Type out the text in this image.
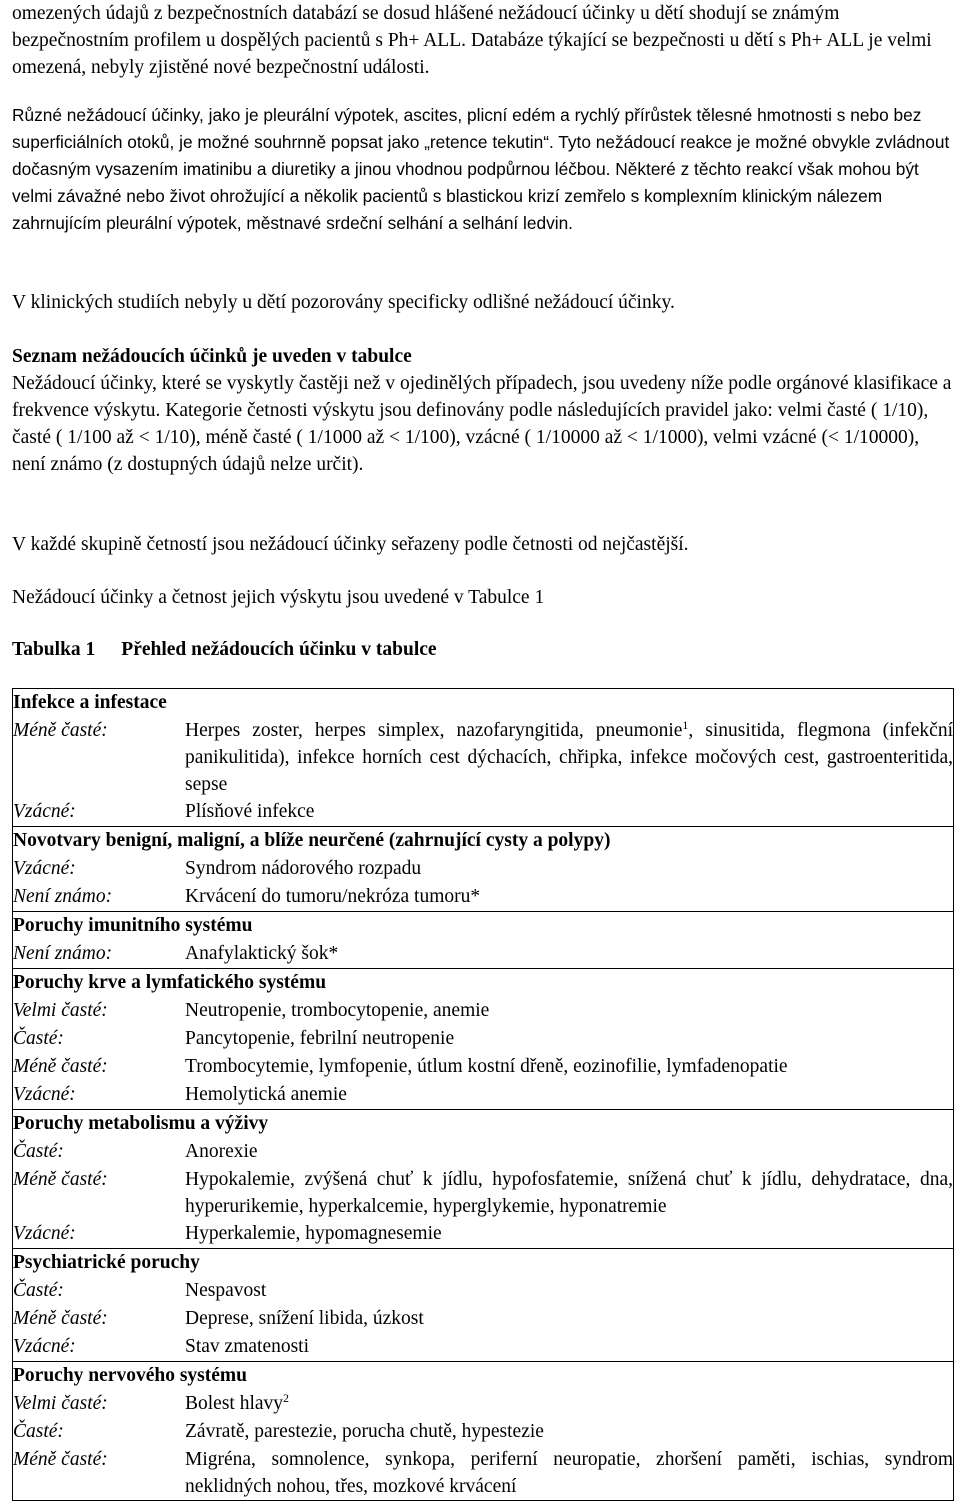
omezených údajů z bezpečnostních databází se dosud hlášené nežádoucí účinky u dětí shodují se známým bezpečnostním profilem u dospělých pacientů s Ph+ ALL. Databáze týkající se bezpečnosti u dětí s Ph+ ALL je velmi omezená, nebyly zjistěné nové bezpečnostní události.

Různé nežádoucí účinky, jako je pleurální výpotek, ascites, plicní edém a rychlý přírůstek tělesné hmotnosti s nebo bez superficiálních otoků, je možné souhrnně popsat jako „retence tekutin“. Tyto nežádoucí reakce je možné obvykle zvládnout dočasným vysazením imatinibu a diuretiky a jinou vhodnou podpůrnou léčbou. Některé z těchto reakcí však mohou být velmi závažné nebo život ohrožující a několik pacientů s blastickou krizí zemřelo s komplexním klinickým nálezem zahrnujícím pleurální výpotek, městnavé srdeční selhání a selhání ledvin.

V klinických studiích nebyly u dětí pozorovány specificky odlišné nežádoucí účinky.

Seznam nežádoucích účinků je uveden v tabulce

Nežádoucí účinky, které se vyskytly častěji než v ojedinělých případech, jsou uvedeny níže podle orgánové klasifikace a frekvence výskytu. Kategorie četnosti výskytu jsou definovány podle následujících pravidel jako: velmi časté ( 1/10), časté ( 1/100 až < 1/10), méně časté ( 1/1000 až < 1/100), vzácné ( 1/10000 až < 1/1000), velmi vzácné (< 1/10000), není známo (z dostupných údajů nelze určit).

V každé skupině četností jsou nežádoucí účinky seřazeny podle četnosti od nejčastější.

Nežádoucí účinky a četnost jejich výskytu jsou uvedené v Tabulce 1

Tabulka 1 Přehled nežádoucích účinku v tabulce

Infekce a infestace	
Méně časté:	Herpes zoster, herpes simplex, nazofaryngitida, pneumonie$^1$, sinusitida, flegmona (infekční panikulitida), infekce horních cest dýchacích, chřipka, infekce močových cest, gastroenteritida, sepse
Vzácné:	Plísňové infekce
Novotvary benigní, maligní, a blíže neurčené (zahrnující cysty a polypy)	
Vzácné:	Syndrom nádorového rozpadu
Není známo:	Krvácení do tumoru/nekróza tumoru*
Poruchy imunitního systému	
Není známo:	Anafylaktický šok*
Poruchy krve a lymfatického systému	
Velmi časté:	Neutropenie, trombocytopenie, anemie
Časté:	Pancytopenie, febrilní neutropenie
Méně časté:	Trombocytemie, lymfopenie, útlum kostní dřeně, eozinofilie, lymfadenopatie
Vzácné:	Hemolytická anemie
Poruchy metabolismu a výživy	
Časté:	Anorexie
Méně časté:	Hypokalemie, zvýšená chuť k jídlu, hypofosfatemie, snížená chuť k jídlu, dehydratace, dna, hyperurikemie, hyperkalcemie, hyperglykemie, hyponatremie
Vzácné:	Hyperkalemie, hypomagnesemie
Psychiatrické poruchy	
Časté:	Nespavost
Méně časté:	Deprese, snížení libida, úzkost
Vzácné:	Stav zmatenosti
Poruchy nervového systému	
Velmi časté:	Bolest hlavy$^2$
Časté:	Závratě, parestezie, porucha chutě, hypestezie
Méně časté:	Migréna, somnolence, synkopa, periferní neuropatie, zhoršení paměti, ischias, syndrom neklidných nohou, třes, mozkové krvácení
